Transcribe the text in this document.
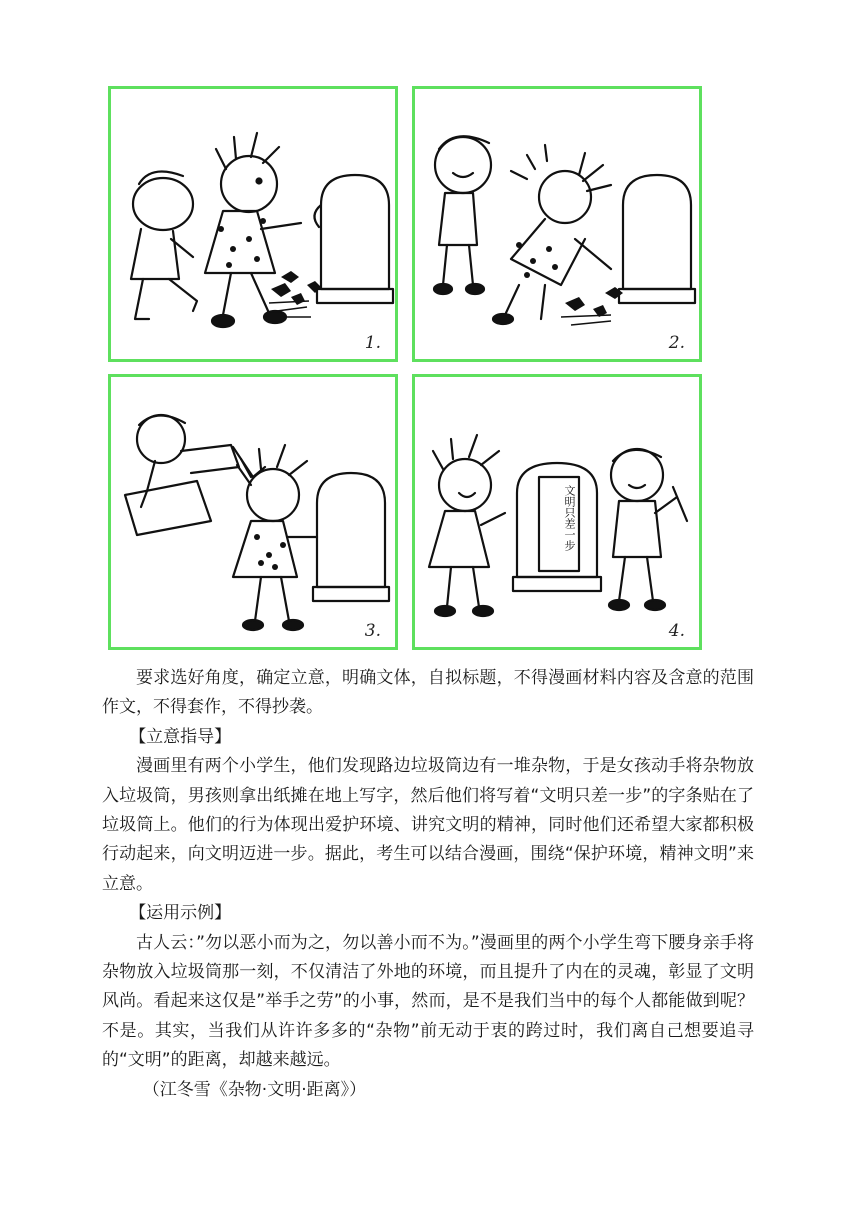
1.	2.
3.
文明只差一步
4.

要求选好角度，确定立意，明确文体，自拟标题，不得漫画材料内容及含意的范围作文，不得套作，不得抄袭。

【立意指导】

漫画里有两个小学生，他们发现路边垃圾筒边有一堆杂物，于是女孩动手将杂物放入垃圾筒，男孩则拿出纸摊在地上写字，然后他们将写着“文明只差一步”的字条贴在了垃圾筒上。他们的行为体现出爱护环境、讲究文明的精神，同时他们还希望大家都积极行动起来，向文明迈进一步。据此，考生可以结合漫画，围绕“保护环境，精神文明”来立意。

【运用示例】

古人云：”勿以恶小而为之，勿以善小而不为。”漫画里的两个小学生弯下腰身亲手将杂物放入垃圾筒那一刻，不仅清洁了外地的环境，而且提升了内在的灵魂，彰显了文明风尚。看起来这仅是”举手之劳”的小事，然而，是不是我们当中的每个人都能做到呢？不是。其实，当我们从许许多多的“杂物”前无动于衷的跨过时，我们离自己想要追寻的“文明”的距离，却越来越远。

（江冬雪《杂物·文明·距离》）
